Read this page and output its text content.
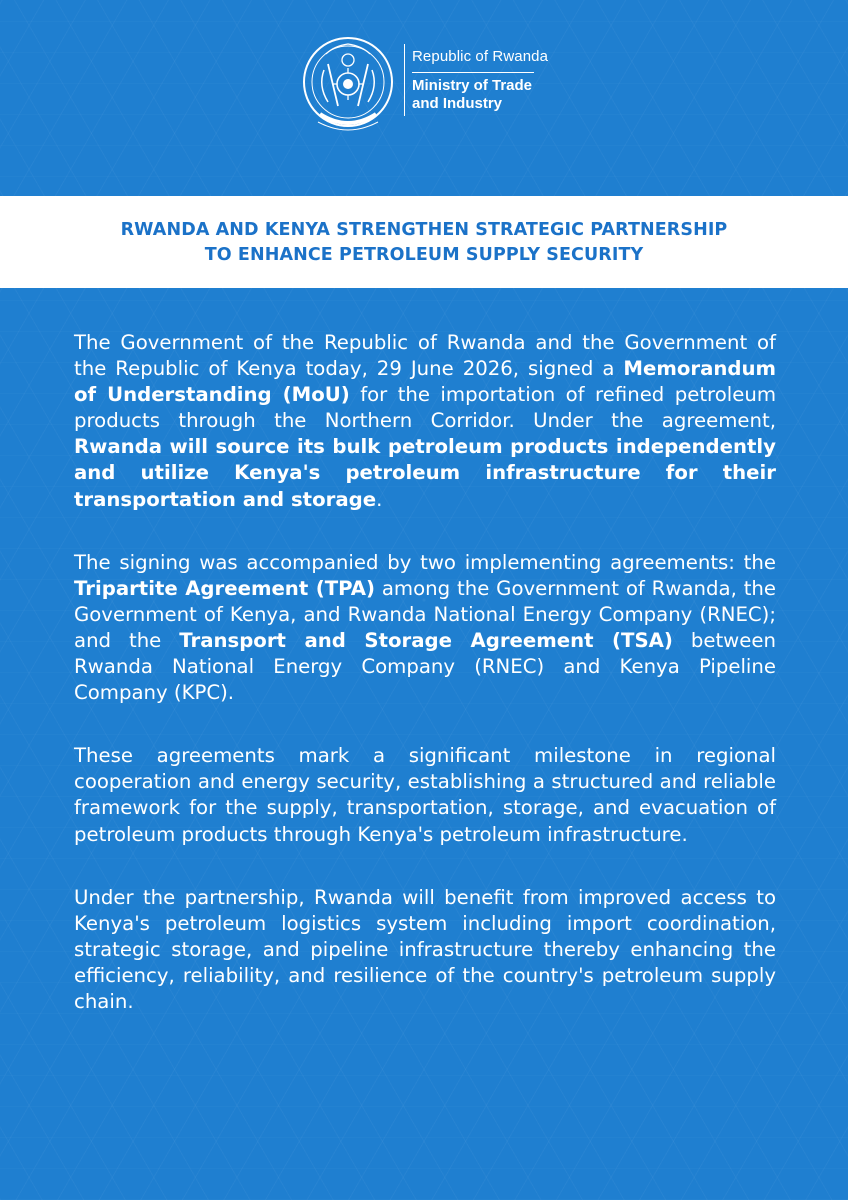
Republic of Rwanda
Ministry of Trade
and Industry
RWANDA AND KENYA STRENGTHEN STRATEGIC PARTNERSHIP
TO ENHANCE PETROLEUM SUPPLY SECURITY

The Government of the Republic of Rwanda and the Government of the Republic of Kenya today, 29 June 2026, signed a Memorandum of Understanding (MoU) for the importation of refined petroleum products through the Northern Corridor. Under the agreement, Rwanda will source its bulk petroleum products independently and utilize Kenya's petroleum infrastructure for their transportation and storage.

The signing was accompanied by two implementing agreements: the Tripartite Agreement (TPA) among the Government of Rwanda, the Government of Kenya, and Rwanda National Energy Company (RNEC); and the Transport and Storage Agreement (TSA) between Rwanda National Energy Company (RNEC) and Kenya Pipeline Company (KPC).

These agreements mark a significant milestone in regional cooperation and energy security, establishing a structured and reliable framework for the supply, transportation, storage, and evacuation of petroleum products through Kenya's petroleum infrastructure.

Under the partnership, Rwanda will benefit from improved access to Kenya's petroleum logistics system including import coordination, strategic storage, and pipeline infrastructure thereby enhancing the efficiency, reliability, and resilience of the country's petroleum supply chain.
